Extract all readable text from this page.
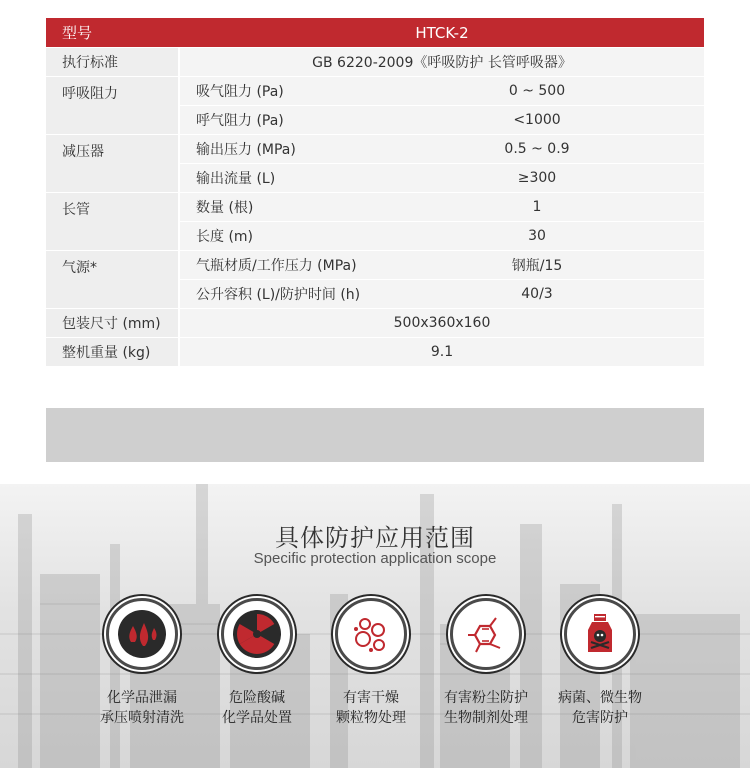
型号	HTCK-2
执行标准	GB 6220-2009《呼吸防护 长管呼吸器》
呼吸阻力	吸气阻力 (Pa)	0 ~ 500
呼气阻力 (Pa)	<1000
减压器	输出压力 (MPa)	0.5 ~ 0.9
输出流量 (L)	≥300
长管	数量 (根)	1
长度 (m)	30
气源*	气瓶材质/工作压力 (MPa)	钢瓶/15
公升容积 (L)/防护时间 (h)	40/3
包装尺寸 (mm)	500x360x160
整机重量 (kg)	9.1
具体防护应用范围
Specific protection application scope
化学品泄漏
承压喷射清洗
危险酸碱
化学品处置
有害干燥
颗粒物处理
有害粉尘防护
生物制剂处理
病菌、微生物
危害防护
